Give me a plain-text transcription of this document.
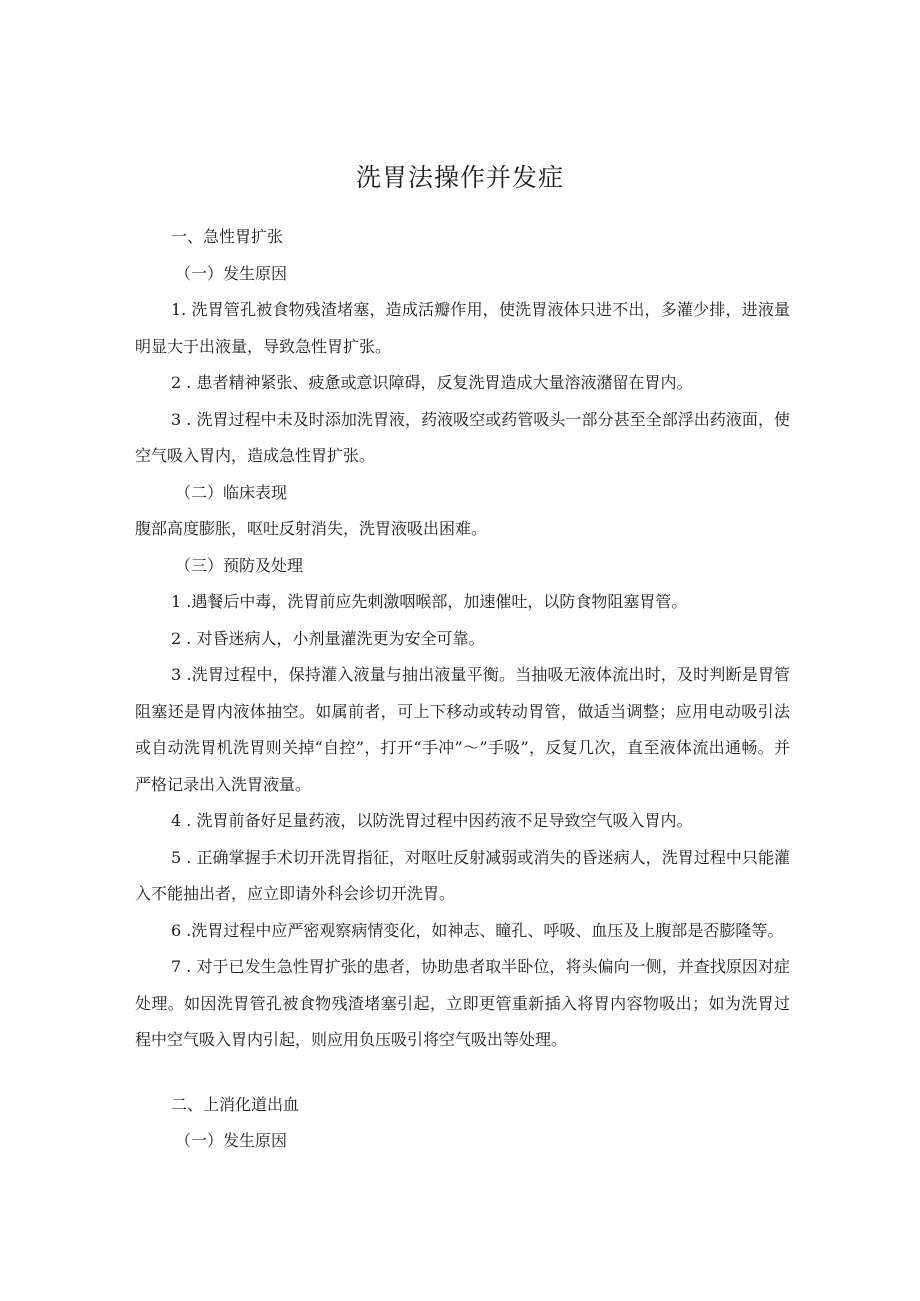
洗胃法操作并发症

一、急性胃扩张

（一）发生原因

1. 洗胃管孔被食物残渣堵塞，造成活瓣作用，使洗胃液体只进不出，多灌少排，进液量明显大于出液量，导致急性胃扩张。

2 . 患者精神紧张、疲惫或意识障碍，反复洗胃造成大量溶液潴留在胃内。

3 . 洗胃过程中未及时添加洗胃液，药液吸空或药管吸头一部分甚至全部浮出药液面，使空气吸入胃内，造成急性胃扩张。

（二）临床表现

腹部高度膨胀，呕吐反射消失，洗胃液吸出困难。

（三）预防及处理

1 .遇餐后中毒，洗胃前应先刺激咽喉部，加速催吐，以防食物阻塞胃管。

2 . 对昏迷病人，小剂量灌洗更为安全可靠。

3 .洗胃过程中，保持灌入液量与抽出液量平衡。当抽吸无液体流出时，及时判断是胃管阻塞还是胃内液体抽空。如属前者，可上下移动或转动胃管，做适当调整；应用电动吸引法或自动洗胃机洗胃则关掉“自控”，打开“手冲”～”手吸”，反复几次，直至液体流出通畅。并严格记录出入洗胃液量。

4 . 洗胃前备好足量药液，以防洗胃过程中因药液不足导致空气吸入胃内。

5 . 正确掌握手术切开洗胃指征，对呕吐反射减弱或消失的昏迷病人，洗胃过程中只能灌入不能抽出者，应立即请外科会诊切开洗胃。

6 .洗胃过程中应严密观察病情变化，如神志、瞳孔、呼吸、血压及上腹部是否膨隆等。

7 . 对于已发生急性胃扩张的患者，协助患者取半卧位，将头偏向一侧，并查找原因对症处理。如因洗胃管孔被食物残渣堵塞引起，立即更管重新插入将胃内容物吸出；如为洗胃过程中空气吸入胃内引起，则应用负压吸引将空气吸出等处理。

二、上消化道出血

（一）发生原因
